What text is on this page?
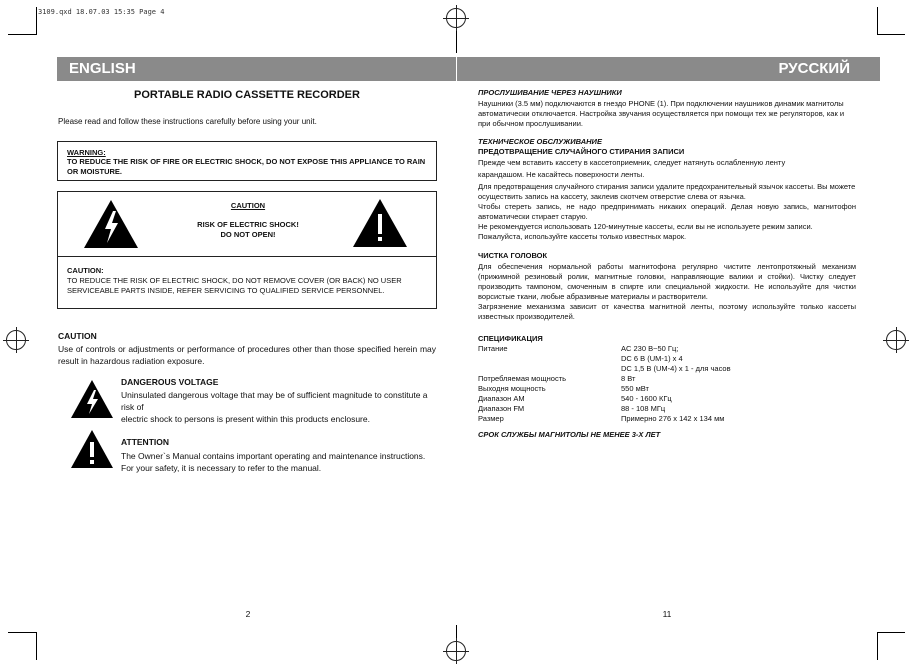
3109.qxd 18.07.03 15:35 Page 4
ENGLISH	РУССКИЙ
PORTABLE RADIO CASSETTE RECORDER
Please read and follow these instructions carefully before using your unit.
WARNING:
TO REDUCE THE RISK OF FIRE OR ELECTRIC SHOCK, DO NOT EXPOSE THIS APPLIANCE TO RAIN OR MOISTURE.
CAUTION
RISK OF ELECTRIC SHOCK!
DO NOT OPEN!
CAUTION:
TO REDUCE THE RISK OF ELECTRIC SHOCK, DO NOT REMOVE COVER (OR BACK) NO USER SERVICEABLE PARTS INSIDE, REFER SERVICING TO QUALIFIED SERVICE PERSONNEL.
CAUTION
Use of controls or adjustments or performance of procedures other than those specified herein may result in hazardous radiation exposure.
DANGEROUS VOLTAGE
Uninsulated dangerous voltage that may be of sufficient magnitude to constitute a risk of
electric shock to persons is present within this products enclosure.
ATTENTION
The Owner`s Manual contains important operating and maintenance instructions. For your safety, it is necessary to refer to the manual.
2
ПРОСЛУШИВАНИЕ ЧЕРЕЗ НАУШНИКИ
Наушники (3.5 мм) подключаются в гнездо PHONE (1). При подключении наушников динамик магнитолы автоматически отключается. Настройка звучания осуществляется при помощи тех же регуляторов, как и при обычном прослушивании.
ТЕХНИЧЕСКОЕ ОБСЛУЖИВАНИЕ
ПРЕДОТВРАЩЕНИЕ СЛУЧАЙНОГО СТИРАНИЯ ЗАПИСИ
Прежде чем вставить кассету в кассетоприемник, следует натянуть ослабленную ленту
карандашом. Не касайтесь поверхности ленты.
Для предотвращения случайного стирания записи удалите предохранительный язычок кассеты. Вы можете осуществить запись на кассету, заклеив скотчем отверстие слева от язычка.
Чтобы стереть запись, не надо предпринимать никаких операций. Делая новую запись, магнитофон автоматически стирает старую.
Не рекомендуется использовать 120-минутные кассеты, если вы не используете режим записи. Пожалуйста, используйте кассеты только известных марок.
ЧИСТКА ГОЛОВОК
Для обеспечения нормальной работы магнитофона регулярно чистите лентопротяжный механизм (прижимной резиновый ролик, магнитные головки, направляющие валики и стойки). Чистку следует производить тампоном, смоченным в спирте или специальной жидкости. Не используйте для чистки ворсистые ткани, любые абразивные материалы и растворители.
Загрязнение механизма зависит от качества магнитной ленты, поэтому используйте только кассеты известных производителей.
СПЕЦИФИКАЦИЯ
Питание	AC 230 В~50 Гц;
DC 6 В (UM-1) х 4
DC 1,5 В (UM-4) х 1 - для часов
Потребляемая мощность	8 Вт
Выходня мощность	550 мВт
Диапазон АМ	540 - 1600 КГц
Диапазон FM	88 - 108 МГц
Размер	Примерно 276 х 142 х 134 мм
СРОК СЛУЖБЫ МАГНИТОЛЫ НЕ МЕНЕЕ 3-Х ЛЕТ
11
